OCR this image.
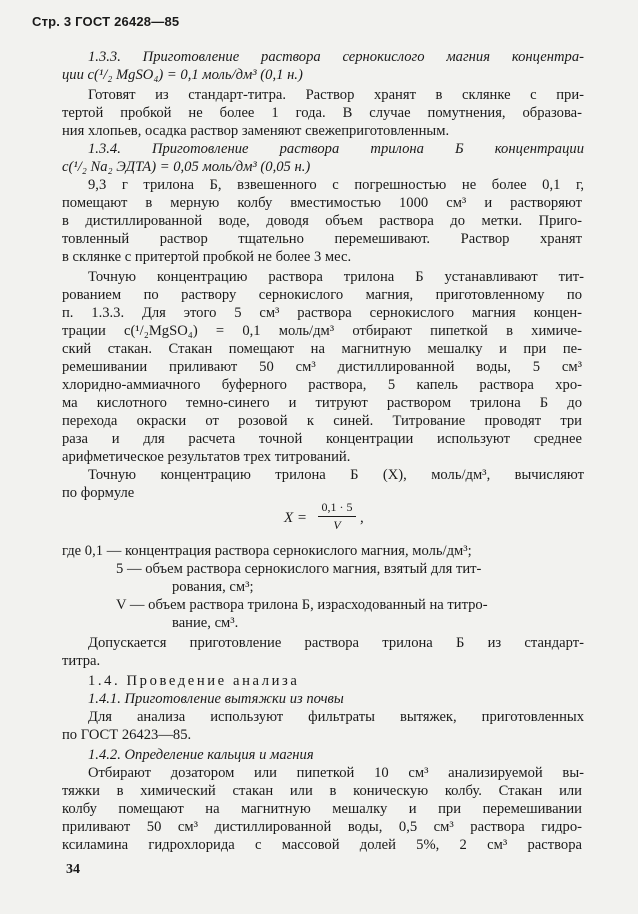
Стр. 3 ГОСТ 26428—85
1.3.3. Приготовление раствора сернокислого магния концентра-
ции c(¹/₂ MgSO₄) = 0,1 моль/дм³ (0,1 н.)
Готовят из стандарт-титра. Раствор хранят в склянке с при-
тертой пробкой не более 1 года. В случае помутнения, образова-
ния хлопьев, осадка раствор заменяют свежеприготовленным.
1.3.4. Приготовление раствора трилона Б концентрации
c(¹/₂ Na₂ ЭДТА) = 0,05 моль/дм³ (0,05 н.)
9,3 г трилона Б, взвешенного с погрешностью не более 0,1 г,
помещают в мерную колбу вместимостью 1000 см³ и растворяют
в дистиллированной воде, доводя объем раствора до метки. Приго-
товленный раствор тщательно перемешивают. Раствор хранят
в склянке с притертой пробкой не более 3 мес.
Точную концентрацию раствора трилона Б устанавливают тит-
рованием по раствору сернокислого магния, приготовленному по
п. 1.3.3. Для этого 5 см³ раствора сернокислого магния концен-
трации c(¹/₂MgSO₄) = 0,1 моль/дм³ отбирают пипеткой в химиче-
ский стакан. Стакан помещают на магнитную мешалку и при пе-
ремешивании приливают 50 см³ дистиллированной воды, 5 см³
хлоридно-аммиачного буферного раствора, 5 капель раствора хро-
ма кислотного темно-синего и титруют раствором трилона Б до
перехода окраски от розовой к синей. Титрование проводят три
раза и для расчета точной концентрации используют среднее
арифметическое результатов трех титрований.
Точную концентрацию трилона Б (X), моль/дм³, вычисляют
$X = \frac{0,1 \cdot 5}{V}$ ,
где 0,1 — концентрация раствора сернокислого магния, моль/дм³;
5 — объем раствора сернокислого магния, взятый для тит-
рования, см³;
V — объем раствора трилона Б, израсходованный на титро-
вание, см³.
Допускается приготовление раствора трилона Б из стандарт-
титра.
1.4. Проведение анализа
1.4.1. Приготовление вытяжки из почвы
Для анализа используют фильтраты вытяжек, приготовленных
по ГОСТ 26423—85.
1.4.2. Определение кальция и магния
Отбирают дозатором или пипеткой 10 см³ анализируемой вы-
тяжки в химический стакан или в коническую колбу. Стакан или
колбу помещают на магнитную мешалку и при перемешивании
приливают 50 см³ дистиллированной воды, 0,5 см³ раствора гидро-
34
по формуле
ксиламина гидрохлорида с массовой долей 5%, 2 см³ раствора
